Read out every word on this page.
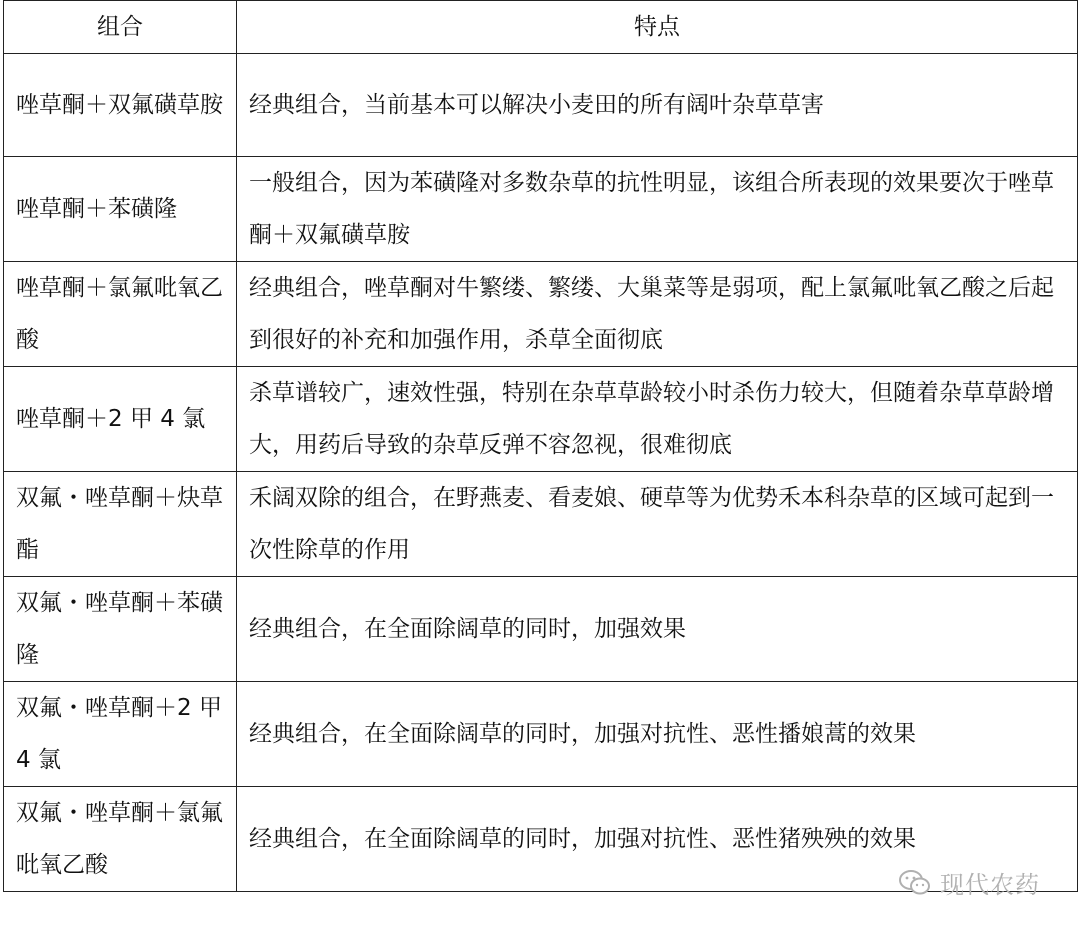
组合	特点
唑草酮＋双氟磺草胺	经典组合，当前基本可以解决小麦田的所有阔叶杂草草害
唑草酮＋苯磺隆	一般组合，因为苯磺隆对多数杂草的抗性明显，该组合所表现的效果要次于唑草酮＋双氟磺草胺
唑草酮＋氯氟吡氧乙酸	经典组合，唑草酮对牛繁缕、繁缕、大巢菜等是弱项，配上氯氟吡氧乙酸之后起到很好的补充和加强作用，杀草全面彻底
唑草酮＋2 甲 4 氯	杀草谱较广，速效性强，特别在杂草草龄较小时杀伤力较大，但随着杂草草龄增大，用药后导致的杂草反弹不容忽视，很难彻底
双氟・唑草酮＋炔草酯	禾阔双除的组合，在野燕麦、看麦娘、硬草等为优势禾本科杂草的区域可起到一次性除草的作用
双氟・唑草酮＋苯磺隆	经典组合，在全面除阔草的同时，加强效果
双氟・唑草酮＋2 甲 4 氯	经典组合，在全面除阔草的同时，加强对抗性、恶性播娘蒿的效果
双氟・唑草酮＋氯氟吡氧乙酸	经典组合，在全面除阔草的同时，加强对抗性、恶性猪殃殃的效果
现代农药
